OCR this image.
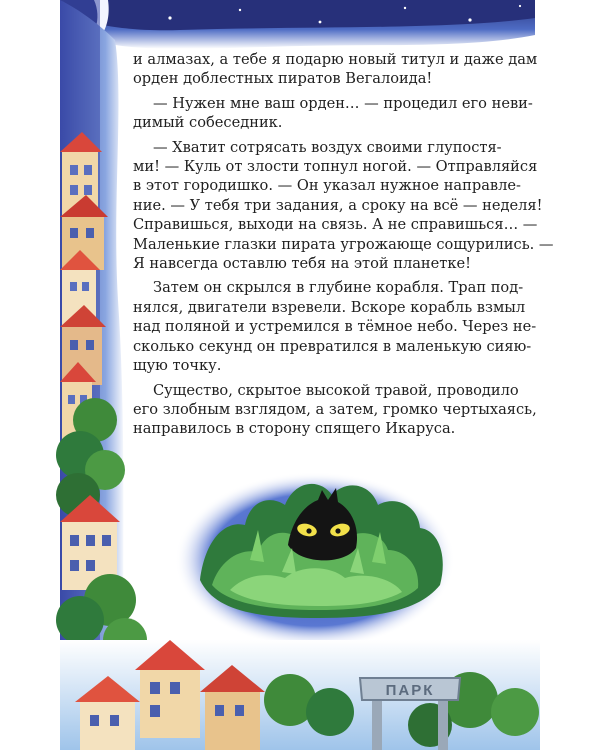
ПАРК

и алмазах, а тебе я подарю новый титул и даже дам
орден доблестных пиратов Вегалоида!

— Нужен мне ваш орден… — процедил его неви-
димый собеседник.

— Хватит сотрясать воздух своими глупостя-
ми! — Куль от злости топнул ногой. — Отправляйся
в этот городишко. — Он указал нужное направле-
ние. — У тебя три задания, а сроку на всё — неделя!
Справишься, выходи на связь. А не справишься… —
Маленькие глазки пирата угрожающе сощурились. —
Я навсегда оставлю тебя на этой планетке!

Затем он скрылся в глубине корабля. Трап под-
нялся, двигатели взревели. Вскоре корабль взмыл
над поляной и устремился в тёмное небо. Через не-
сколько секунд он превратился в маленькую сияю-
щую точку.

Существо, скрытое высокой травой, проводило
его злобным взглядом, а затем, громко чертыхаясь,
направилось в сторону спящего Икаруса.
